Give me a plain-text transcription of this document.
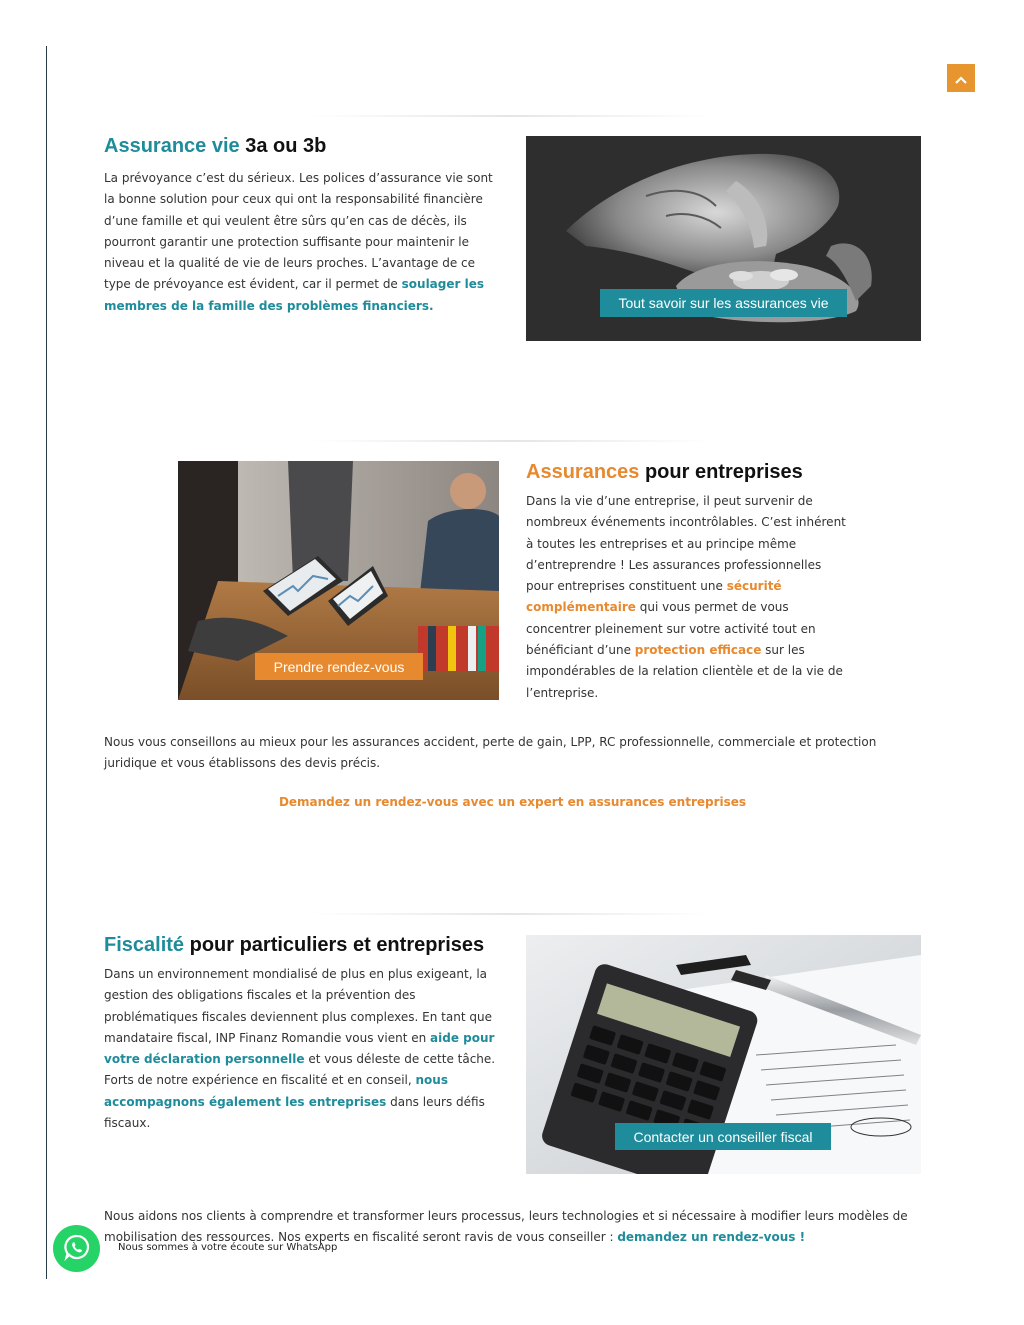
Assurance vie 3a ou 3b

La prévoyance c’est du sérieux. Les polices d’assurance vie sont la bonne solution pour ceux qui ont la responsabilité financière d’une famille et qui veulent être sûrs qu’en cas de décès, ils pourront garantir une protection suffisante pour maintenir le niveau et la qualité de vie de leurs proches. L’avantage de ce type de prévoyance est évident, car il permet de soulager les membres de la famille des problèmes financiers.	Tout savoir sur les assurances vie
Prendre rendez-vous
Assurances pour entreprises

Dans la vie d’une entreprise, il peut survenir de nombreux événements incontrôlables. C’est inhérent à toutes les entreprises et au principe même d’entreprendre ! Les assurances professionnelles pour entreprises constituent une sécurité complémentaire qui vous permet de vous concentrer pleinement sur votre activité tout en bénéficiant d’une protection efficace sur les impondérables de la relation clientèle et de la vie de l’entreprise.

Nous vous conseillons au mieux pour les assurances accident, perte de gain, LPP, RC professionnelle, commerciale et protection juridique et vous établissons des devis précis.

Demandez un rendez-vous avec un expert en assurances entreprises
Fiscalité pour particuliers et entreprises

Dans un environnement mondialisé de plus en plus exigeant, la gestion des obligations fiscales et la prévention des problématiques fiscales deviennent plus complexes. En tant que mandataire fiscal, INP Finanz Romandie vous vient en aide pour votre déclaration personnelle et vous déleste de cette tâche. Forts de notre expérience en fiscalité et en conseil, nous accompagnons également les entreprises dans leurs défis fiscaux.

Contacter un conseiller fiscal

Nous aidons nos clients à comprendre et transformer leurs processus, leurs technologies et si nécessaire à modifier leurs modèles de mobilisation des ressources. Nos experts en fiscalité seront ravis de vous conseiller : demandez un rendez-vous !

Nous sommes à votre écoute sur WhatsApp
